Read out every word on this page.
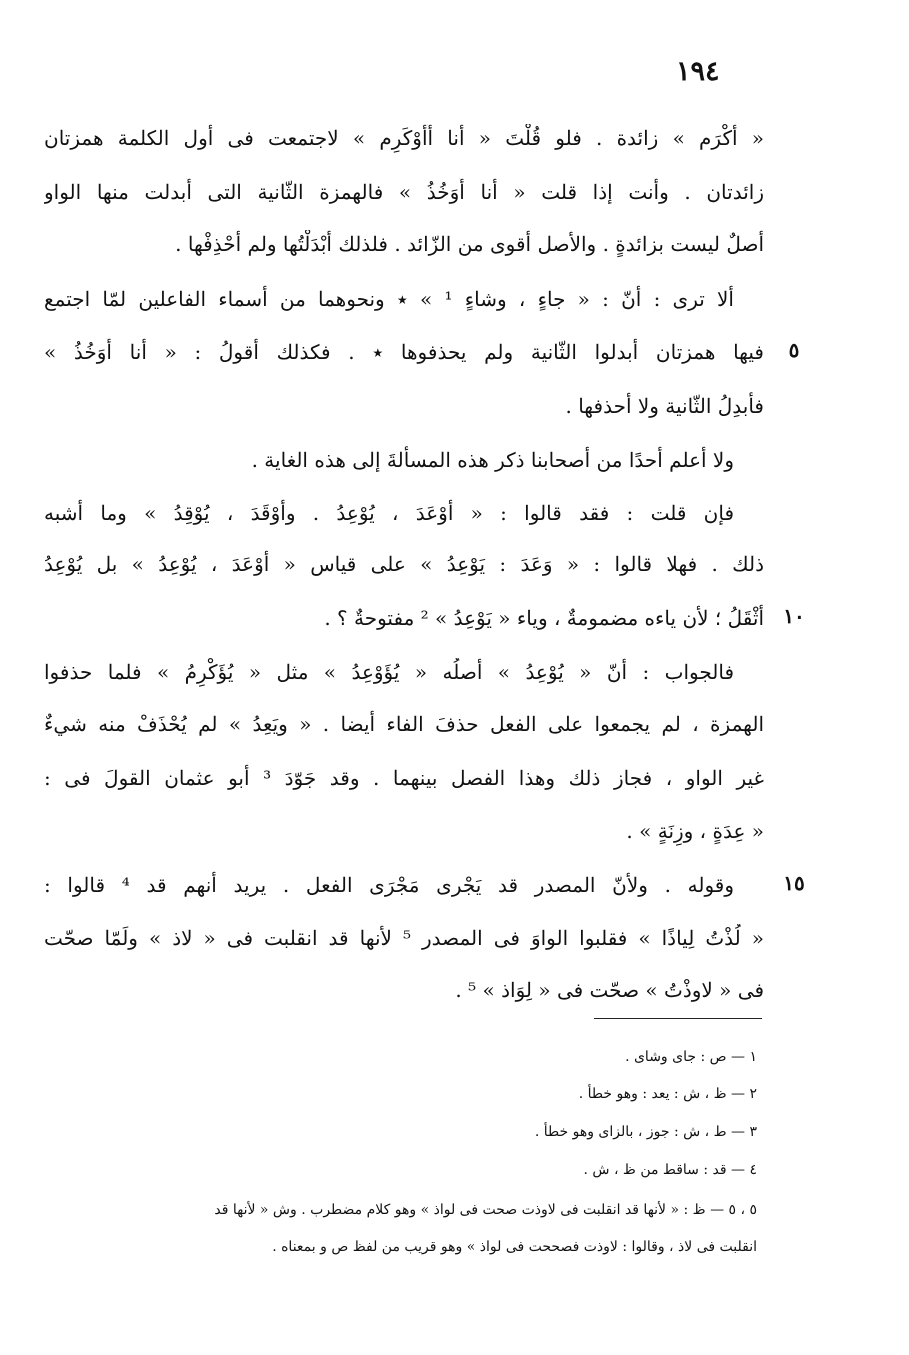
١٩٤
« أكْرَم » زائدة . فلو قُلْتَ « أنا أُأَوْكَرِم » لاجتمعت فى أول الكلمة همزتان
زائدتان . وأنت إذا قلت « أنا أُوَخُذُ » فالهمزة الثّانية التى أُبدلت منها الواو
أصلٌ ليست بزائدةٍ . والأصل أقوى من الزّائد . فلذلك أبْدَلْتُها ولم أحْذِفْها .
ألا ترى : أنّ : « جاءٍ ، وشاءٍ ¹ » ٭ ونحوهما من أسماء الفاعلين لمّا اجتمع
فيها همزتان أبدلوا الثّانية ولم يحذفوها ٭ . فكذلك أقولُ : « أنا أُوَخُذُ »
فأبدِلُ الثّانية ولا أحذفها .
ولا أعلم أحدًا من أصحابنا ذكر هذه المسألةَ إلى هذه الغاية .
فإن قلت : فقد قالوا : « أوْعَدَ ، يُوْعِدُ . وأوْقَدَ ، يُوْقِدُ » وما أشبه
ذلك . فهلا قالوا : « وَعَدَ : يَوْعِدُ » على قياس « أوْعَدَ ، يُوْعِدُ » بل يُوْعِدُ
أثْقَلُ ؛ لأن ياءه مضمومةٌ ، وياء « يَوْعِدُ » ² مفتوحةٌ ؟ .
فالجواب : أنّ « يُوْعِدُ » أصلُه « يُؤَوْعِدُ » مثل « يُؤَكْرِمُ » فلما حذفوا
الهمزة ، لم يجمعوا على الفعل حذفَ الفاء أيضا . « ويَعِدُ » لم يُحْذَفْ منه شيءٌ
غير الواو ، فجاز ذلك وهذا الفصل بينهما . وقد جَوّدَ ³ أبو عثمان القولَ فى :
« عِدَةٍ ، وزِنَةٍ » .
وقوله . ولأنّ المصدر قد يَجْرى مَجْرَى الفعل . يريد أنهم قد ⁴ قالوا :
« لُذْتُ لِياذًا » فقلبوا الواوَ فى المصدر ⁵ لأنها قد انقلبت فى « لاذ » ولَمّا صحّت
فى « لاوذْتُ » صحّت فى « لِوَاذ » ⁵ .
٥
١٠
١٥
١ — ص : جاى وشاى .
٢ — ظ ، ش : يعد : وهو خطأ .
٣ — ط ، ش : جوز ، بالزاى وهو خطأ .
٤ — قد : ساقط من ظ ، ش .
٥ ، ٥ — ظ : « لأنها قد انقلبت فى لاوذت صحت فى لواذ » وهو كلام مضطرب . وش « لأنها قد
انقلبت فى لاذ ، وقالوا : لاوذت فصححت فى لواذ » وهو قريب من لفظ ص و بمعناه .
